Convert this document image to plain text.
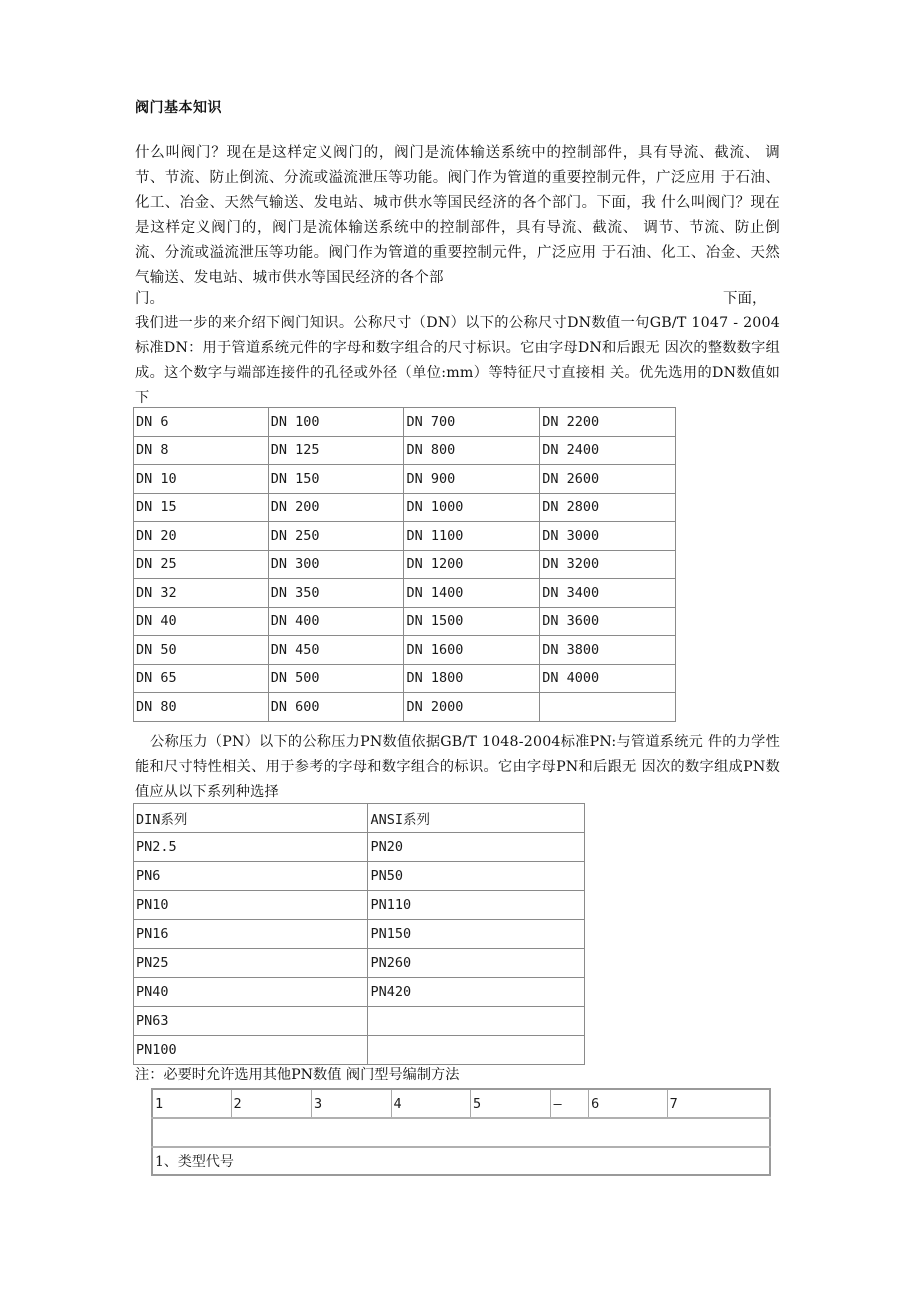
阀门基本知识
什么叫阀门？现在是这样定义阀门的，阀门是流体输送系统中的控制部件，具有导流、截流、 调节、节流、防止倒流、分流或溢流泄压等功能。阀门作为管道的重要控制元件，广泛应用 于石油、化工、冶金、天然气输送、发电站、城市供水等国民经济的各个部门。下面，我 什么叫阀门？现在是这样定义阀门的，阀门是流体输送系统中的控制部件，具有导流、截流、 调节、节流、防止倒流、分流或溢流泄压等功能。阀门作为管道的重要控制元件，广泛应用 于石油、化工、冶金、天然气输送、发电站、城市供水等国民经济的各个部
门。	下面，
我们进一步的来介绍下阀门知识。公称尺寸（DN）以下的公称尺寸DN数值一句GB/T 1047 - 2004标准DN：用于管道系统元件的字母和数字组合的尺寸标识。它由字母DN和后跟无 因次的整数数字组成。这个数字与端部连接件的孔径或外径（单位:mm）等特征尺寸直接相 关。优先选用的DN数值如下
DN 6	DN 100	DN 700	DN 2200
DN 8	DN 125	DN 800	DN 2400
DN 10	DN 150	DN 900	DN 2600
DN 15	DN 200	DN 1000	DN 2800
DN 20	DN 250	DN 1100	DN 3000
DN 25	DN 300	DN 1200	DN 3200
DN 32	DN 350	DN 1400	DN 3400
DN 40	DN 400	DN 1500	DN 3600
DN 50	DN 450	DN 1600	DN 3800
DN 65	DN 500	DN 1800	DN 4000
DN 80	DN 600	DN 2000	
公称压力（PN）以下的公称压力PN数值依据GB/T 1048-2004标准PN:与管道系统元 件的力学性能和尺寸特性相关、用于参考的字母和数字组合的标识。它由字母PN和后跟无 因次的数字组成PN数值应从以下系列种选择
DIN系列	ANSI系列
PN2.5	PN20
PN6	PN50
PN10	PN110
PN16	PN150
PN25	PN260
PN40	PN420
PN63	
PN100	
注：必要时允许选用其他PN数值 阀门型号编制方法
1	2	3	4	5	—	6	7

1、类型代号
